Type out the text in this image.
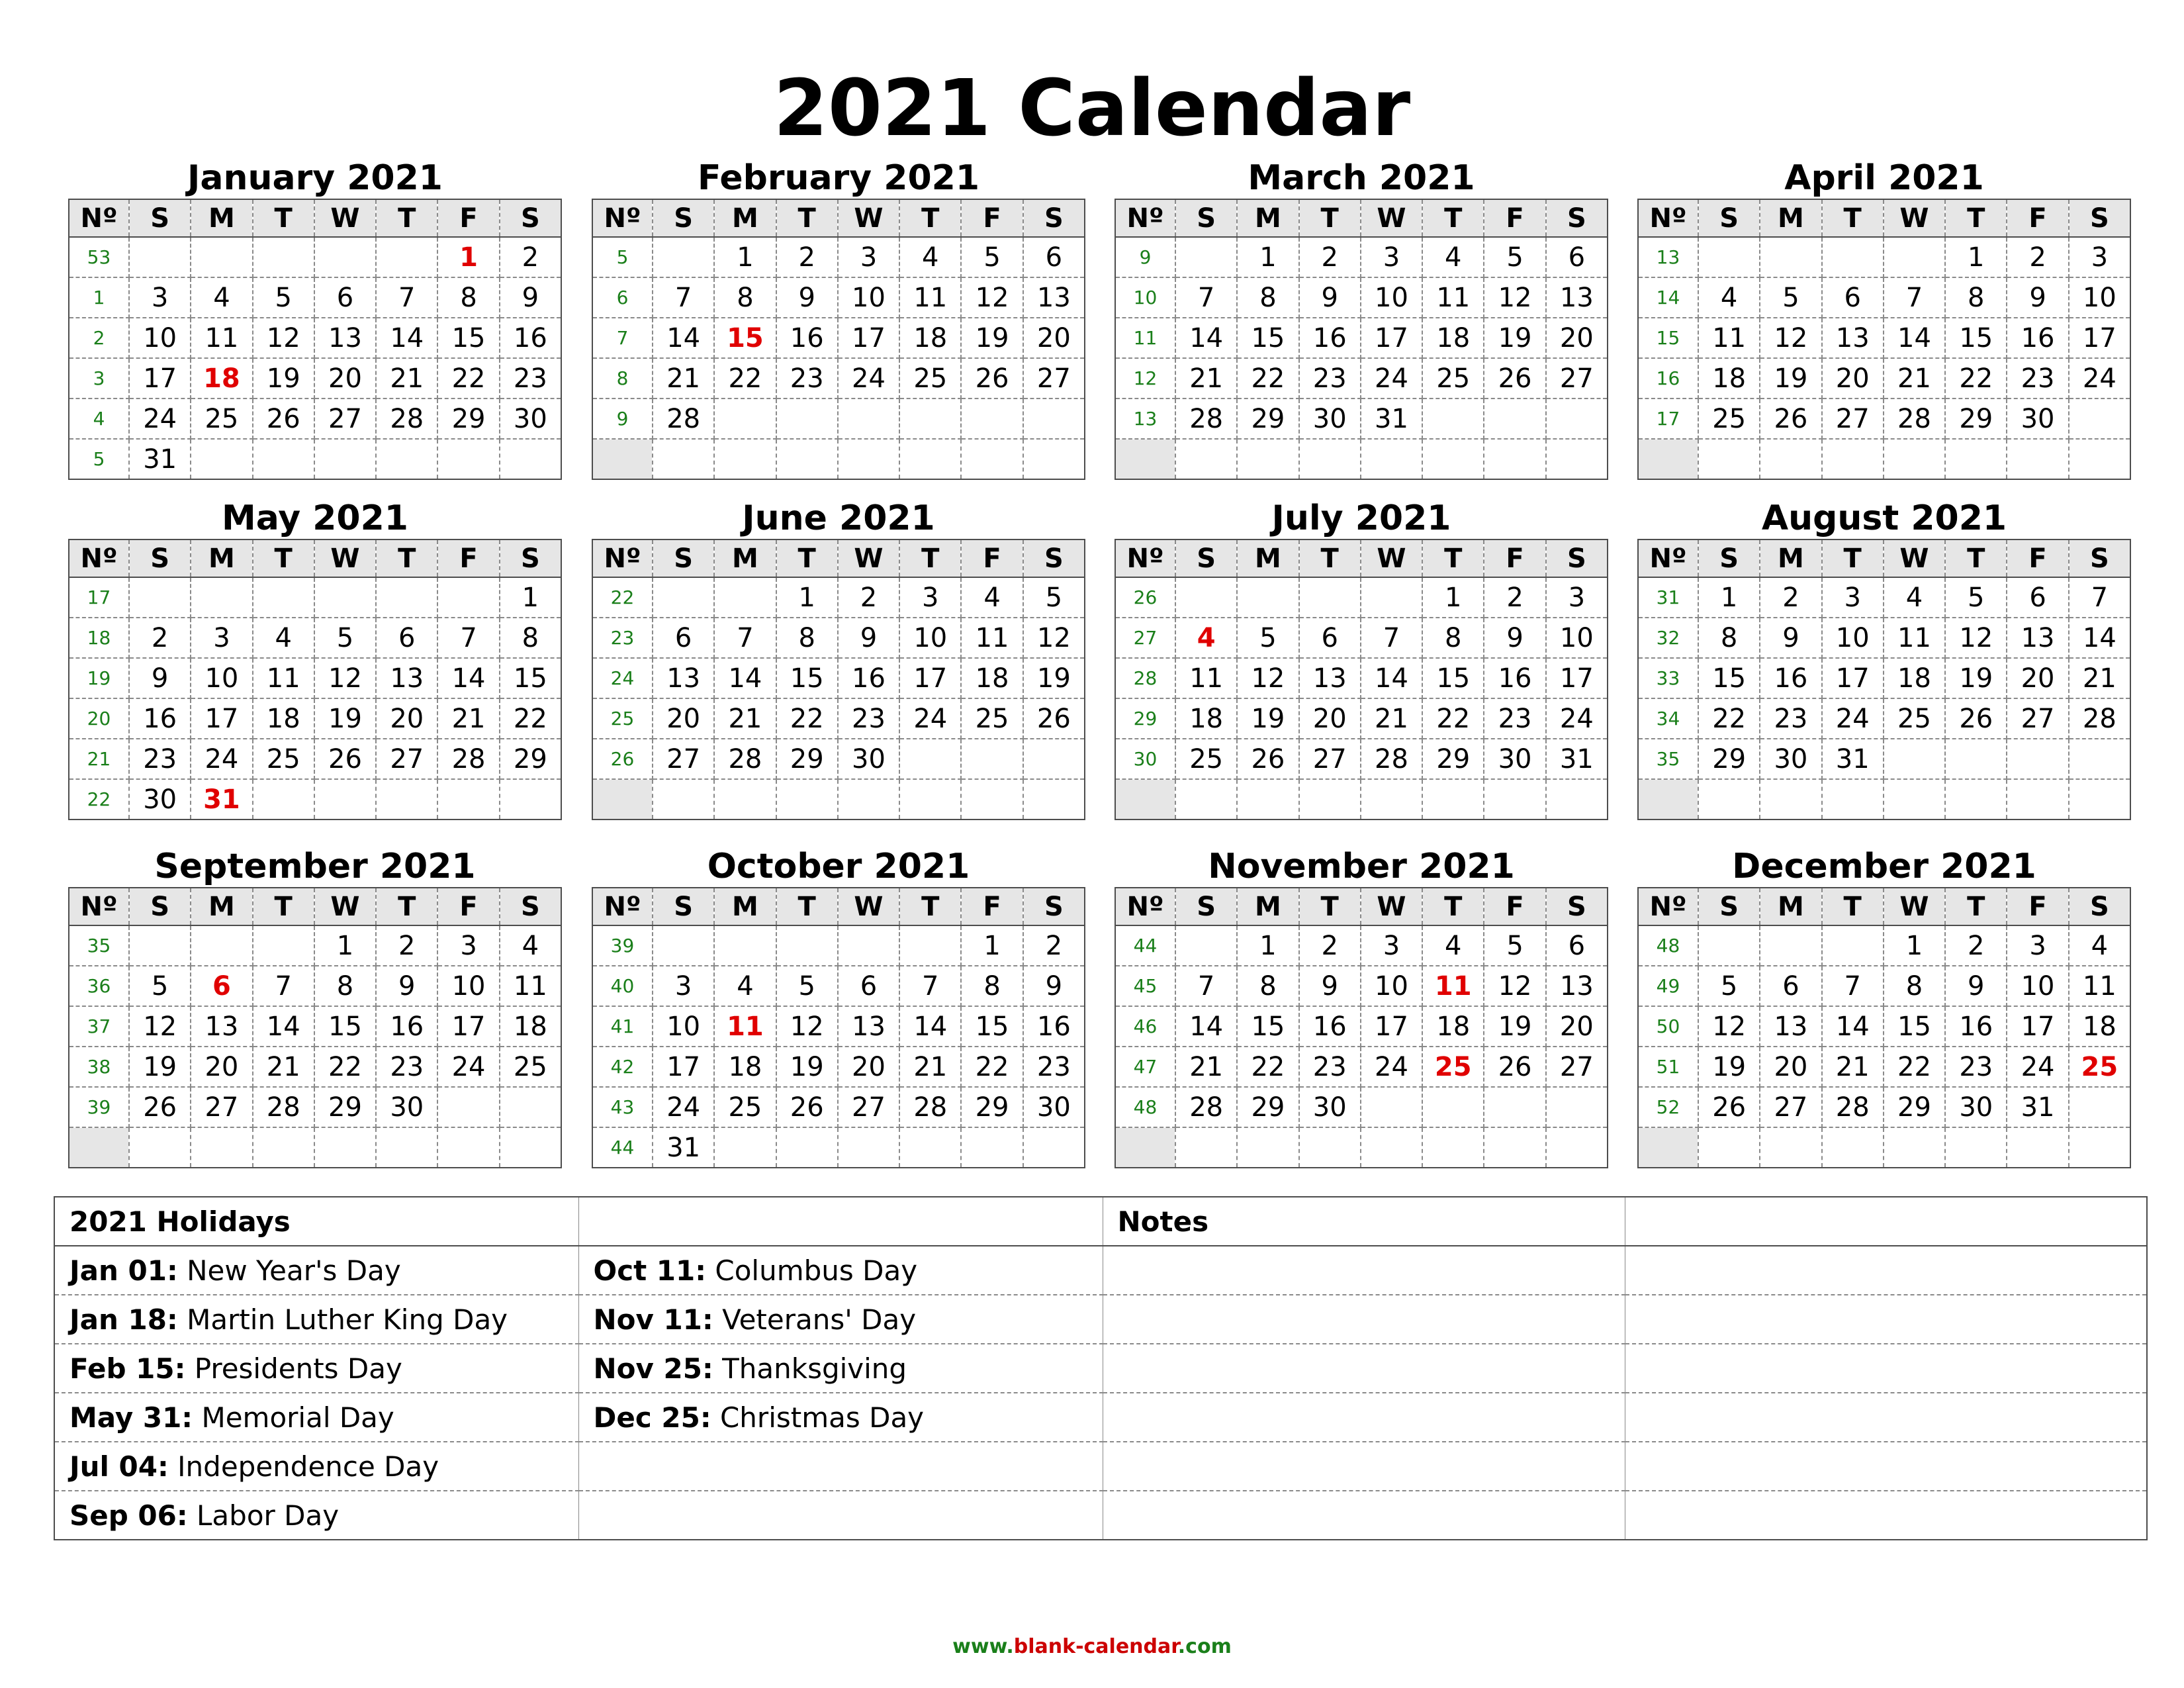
2021 Calendar
January 2021
Nº	S	M	T	W	T	F	S
53						1	2
1	3	4	5	6	7	8	9
2	10	11	12	13	14	15	16
3	17	18	19	20	21	22	23
4	24	25	26	27	28	29	30
5	31						
February 2021
Nº	S	M	T	W	T	F	S
5		1	2	3	4	5	6
6	7	8	9	10	11	12	13
7	14	15	16	17	18	19	20
8	21	22	23	24	25	26	27
9	28						

March 2021
Nº	S	M	T	W	T	F	S
9		1	2	3	4	5	6
10	7	8	9	10	11	12	13
11	14	15	16	17	18	19	20
12	21	22	23	24	25	26	27
13	28	29	30	31			

April 2021
Nº	S	M	T	W	T	F	S
13					1	2	3
14	4	5	6	7	8	9	10
15	11	12	13	14	15	16	17
16	18	19	20	21	22	23	24
17	25	26	27	28	29	30	

May 2021
Nº	S	M	T	W	T	F	S
17							1
18	2	3	4	5	6	7	8
19	9	10	11	12	13	14	15
20	16	17	18	19	20	21	22
21	23	24	25	26	27	28	29
22	30	31					
June 2021
Nº	S	M	T	W	T	F	S
22			1	2	3	4	5
23	6	7	8	9	10	11	12
24	13	14	15	16	17	18	19
25	20	21	22	23	24	25	26
26	27	28	29	30			

July 2021
Nº	S	M	T	W	T	F	S
26					1	2	3
27	4	5	6	7	8	9	10
28	11	12	13	14	15	16	17
29	18	19	20	21	22	23	24
30	25	26	27	28	29	30	31

August 2021
Nº	S	M	T	W	T	F	S
31	1	2	3	4	5	6	7
32	8	9	10	11	12	13	14
33	15	16	17	18	19	20	21
34	22	23	24	25	26	27	28
35	29	30	31				

September 2021
Nº	S	M	T	W	T	F	S
35				1	2	3	4
36	5	6	7	8	9	10	11
37	12	13	14	15	16	17	18
38	19	20	21	22	23	24	25
39	26	27	28	29	30		

October 2021
Nº	S	M	T	W	T	F	S
39						1	2
40	3	4	5	6	7	8	9
41	10	11	12	13	14	15	16
42	17	18	19	20	21	22	23
43	24	25	26	27	28	29	30
44	31						
November 2021
Nº	S	M	T	W	T	F	S
44		1	2	3	4	5	6
45	7	8	9	10	11	12	13
46	14	15	16	17	18	19	20
47	21	22	23	24	25	26	27
48	28	29	30				

December 2021
Nº	S	M	T	W	T	F	S
48				1	2	3	4
49	5	6	7	8	9	10	11
50	12	13	14	15	16	17	18
51	19	20	21	22	23	24	25
52	26	27	28	29	30	31	

2021 Holidays		Notes	
Jan 01: New Year's Day	Oct 11: Columbus Day		
Jan 18: Martin Luther King Day	Nov 11: Veterans' Day		
Feb 15: Presidents Day	Nov 25: Thanksgiving		
May 31: Memorial Day	Dec 25: Christmas Day		
Jul 04: Independence Day			
Sep 06: Labor Day			
www.blank-calendar.com
